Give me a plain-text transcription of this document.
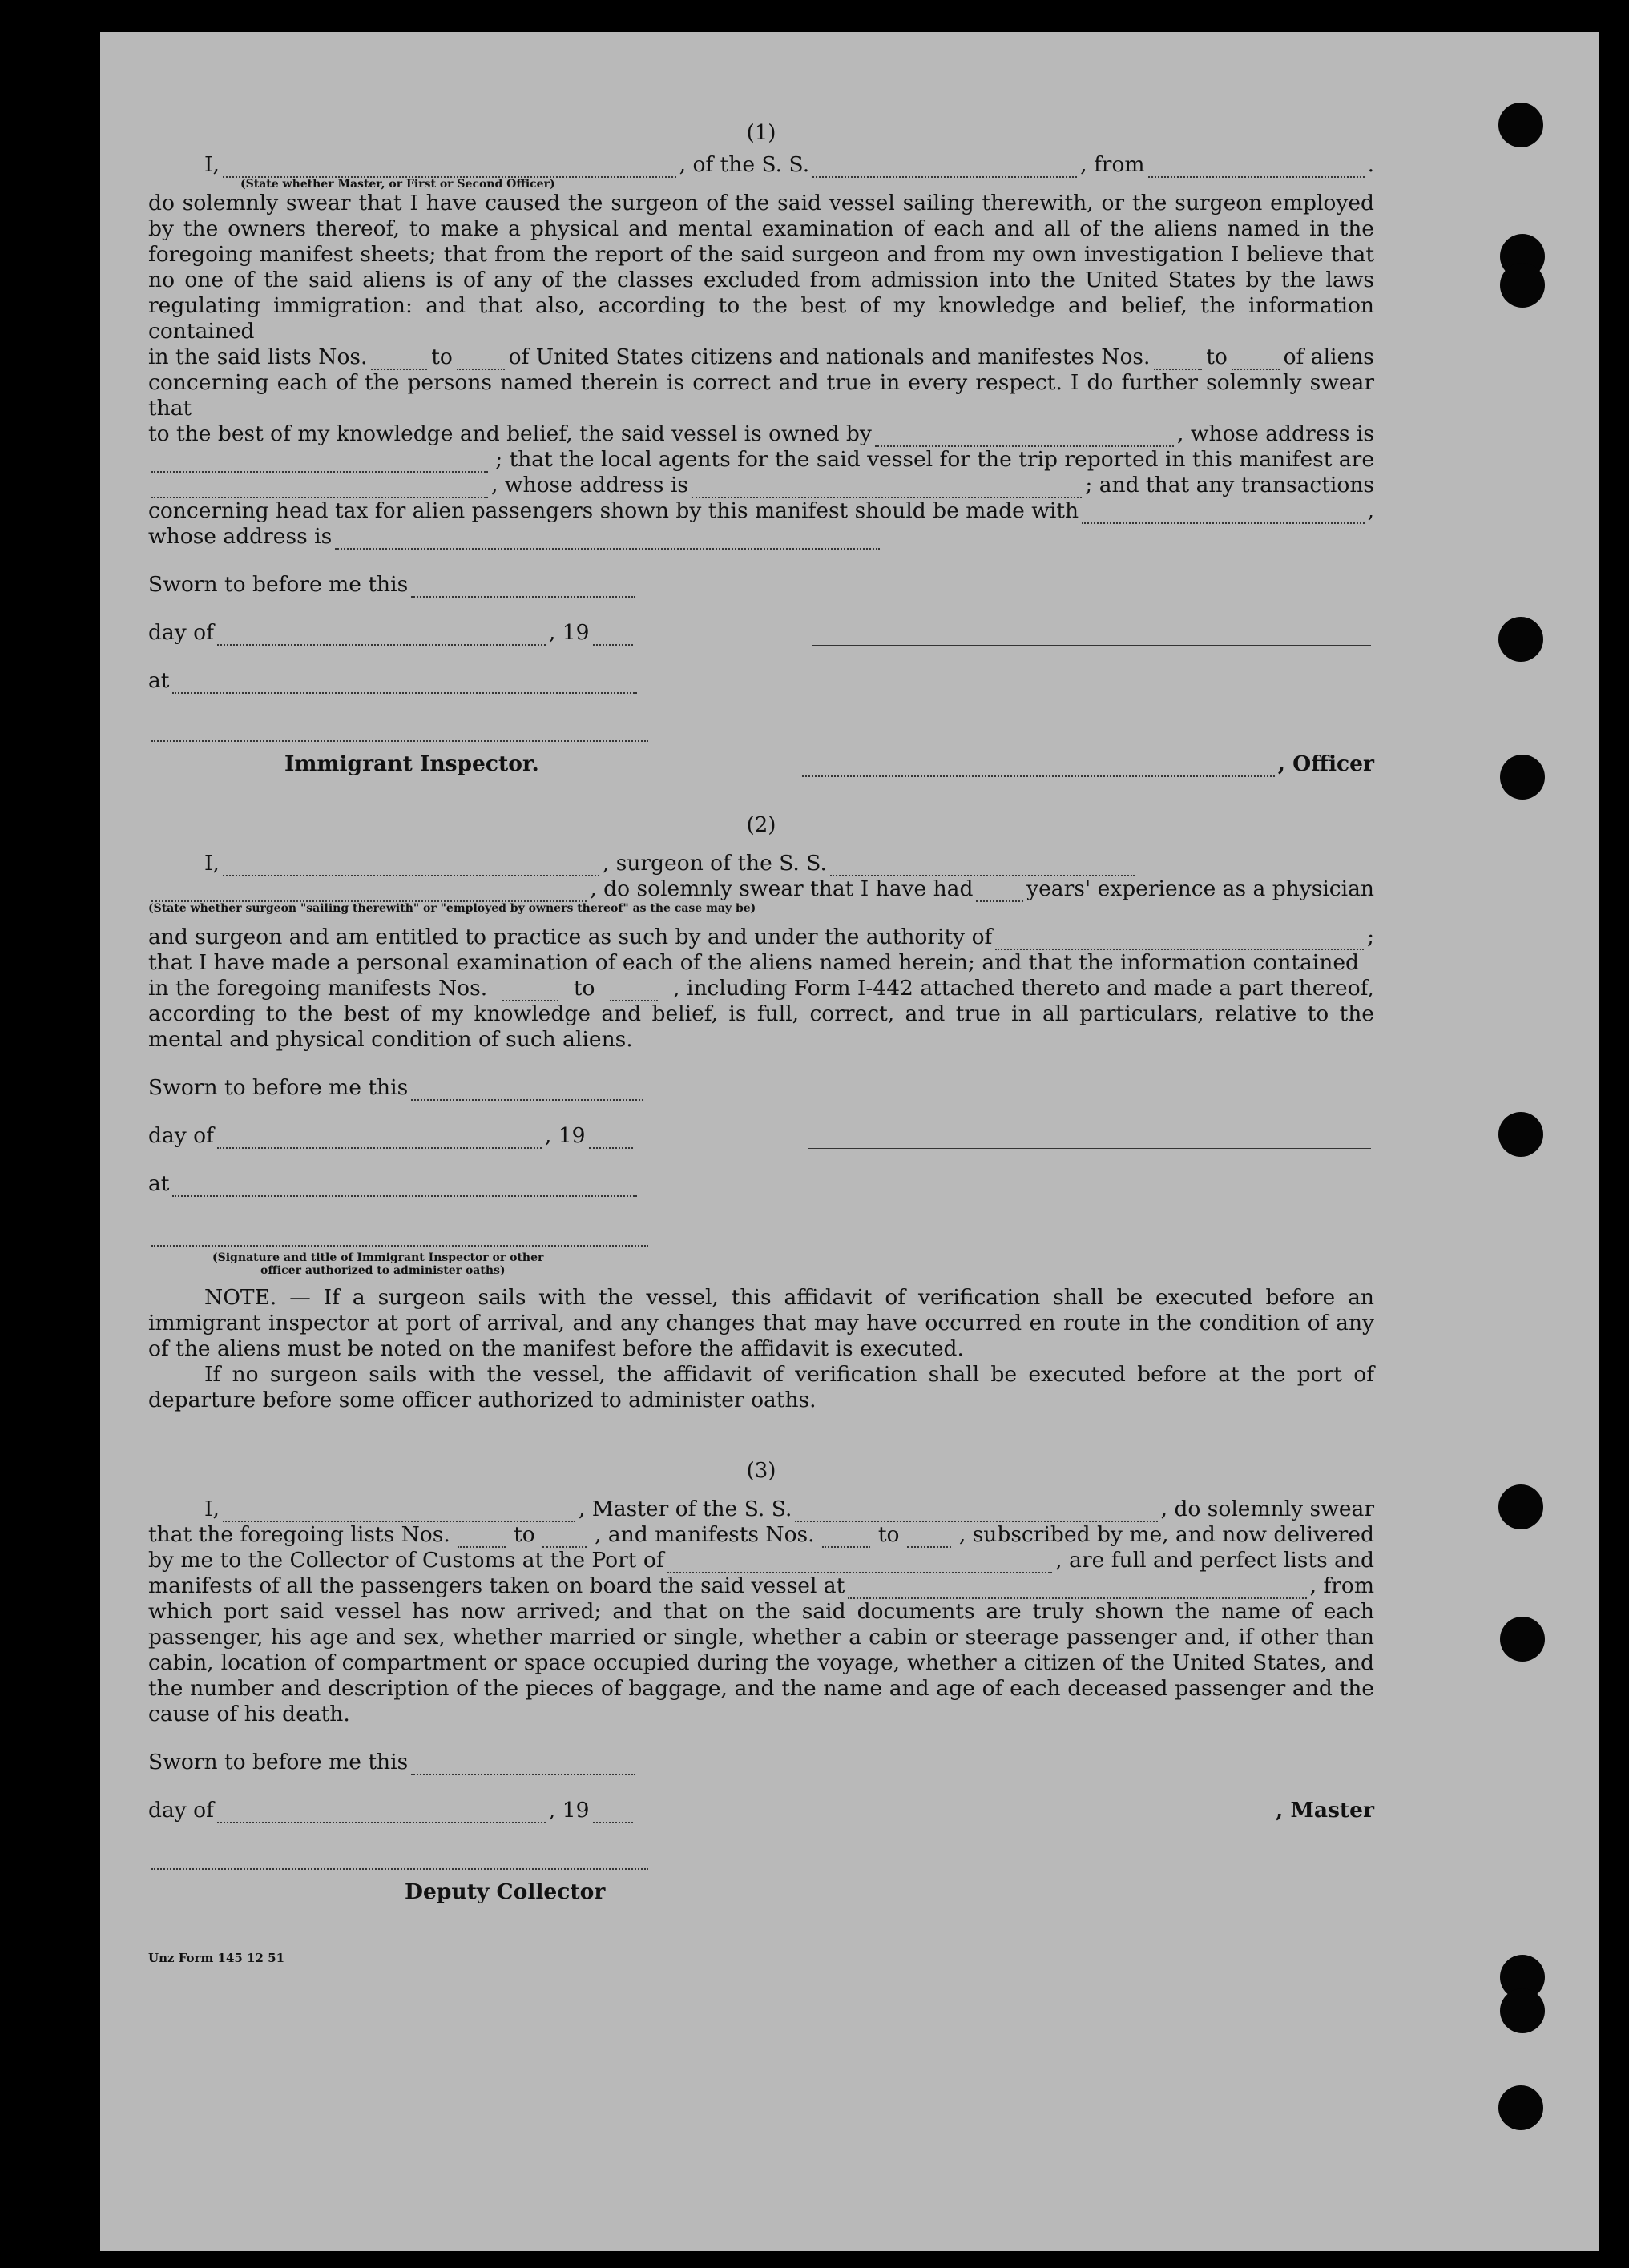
(1)

I,	, of the S. S.	, from	.
(State whether Master, or First or Second Officer)

do solemnly swear that I have caused the surgeon of the said vessel sailing therewith, or the surgeon employed by the owners thereof, to make a physical and mental examination of each and all of the aliens named in the foregoing manifest sheets; that from the report of the said surgeon and from my own investigation I believe that no one of the said aliens is of any of the classes excluded from admission into the United States by the laws regulating immigration: and that also, according to the best of my knowledge and belief, the information contained

in the said lists Nos.	to	of United States citizens and nationals and manifestes Nos.	to	of aliens

concerning each of the persons named therein is correct and true in every respect. I do further solemnly swear that

to the best of my knowledge and belief, the said vessel is owned by	, whose address is
; that the local agents for the said vessel for the trip reported in this manifest are
, whose address is	; and that any transactions
concerning head tax for alien passengers shown by this manifest should be made with	,
whose address is
Sworn to before me this
day of	, 19
at
Immigrant Inspector.	, Officer

(2)

I,	, surgeon of the S. S.
, do solemnly swear that I have had	years' experience as a physician
(State whether surgeon "sailing therewith" or "employed by owners thereof" as the case may be)
and surgeon and am entitled to practice as such by and under the authority of	;

that I have made a personal examination of each of the aliens named herein; and that the information contained

in the foregoing manifests Nos.	to	, including Form I-442 attached thereto and made a part thereof,

according to the best of my knowledge and belief, is full, correct, and true in all particulars, relative to the mental and physical condition of such aliens.

Sworn to before me this
day of	, 19
at
(Signature and title of Immigrant Inspector or other
officer authorized to administer oaths)

NOTE. — If a surgeon sails with the vessel, this affidavit of verification shall be executed before an immigrant inspector at port of arrival, and any changes that may have occurred en route in the condition of any of the aliens must be noted on the manifest before the affidavit is executed.

If no surgeon sails with the vessel, the affidavit of verification shall be executed before at the port of departure before some officer authorized to administer oaths.

(3)

I,	, Master of the S. S.	, do solemnly swear
that the foregoing lists Nos.	to	, and manifests Nos.	to	, subscribed by me, and now delivered
by me to the Collector of Customs at the Port of	, are full and perfect lists and
manifests of all the passengers taken on board the said vessel at	, from

which port said vessel has now arrived; and that on the said documents are truly shown the name of each passenger, his age and sex, whether married or single, whether a cabin or steerage passenger and, if other than cabin, location of compartment or space occupied during the voyage, whether a citizen of the United States, and the number and description of the pieces of baggage, and the name and age of each deceased passenger and the cause of his death.

Sworn to before me this
day of	, 19	, Master
Deputy Collector
Unz Form 145 12 51
